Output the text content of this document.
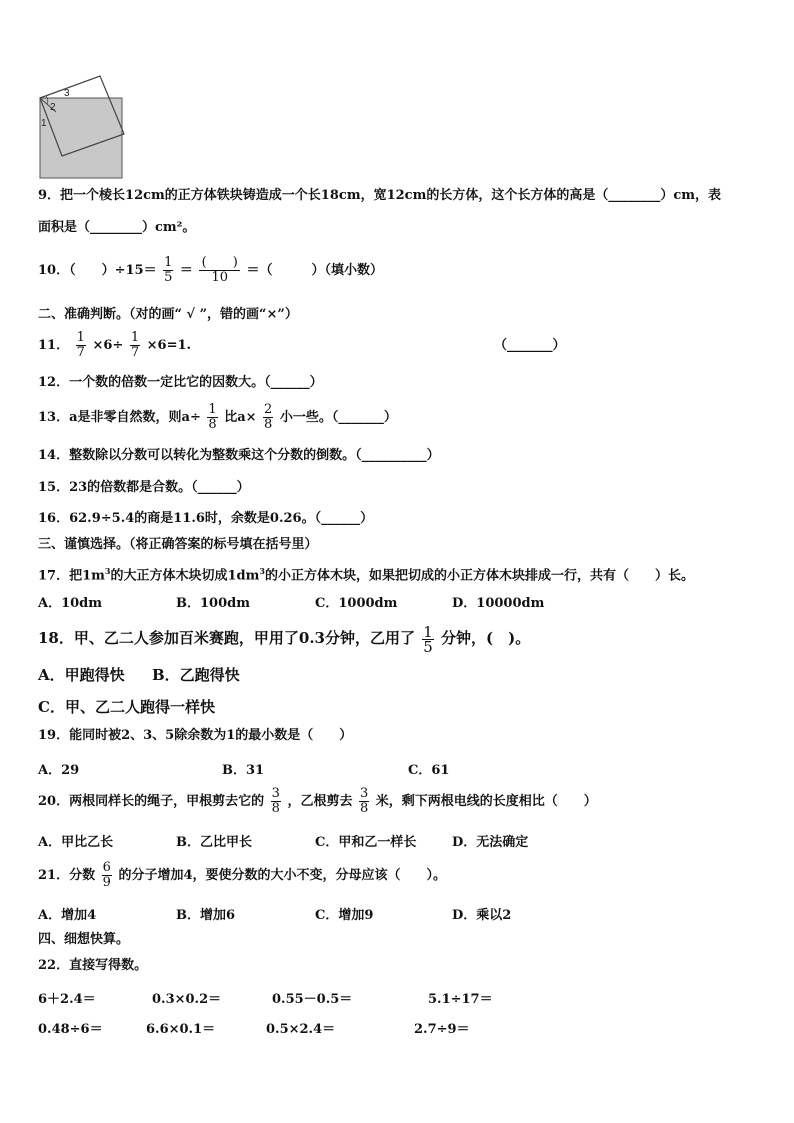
3
2
1
9．把一个棱长12cm的正方体铁块铸造成一个长18cm，宽12cm的长方体，这个长方体的高是（________）cm，表
面积是（________）cm²。
10．（　　）$\div 15= \frac{1}{5} = \frac{( )}{10}$ ＝（　　　）（填小数）
二、准确判断。（对的画“ √ ”，错的画“×”）
11． $\frac{1}{7} \times 6\div \frac{1}{7} \times 6=1$.	（_______）
12．一个数的倍数一定比它的因数大。（______）
13．a是非零自然数，则$a\div \frac{1}{8}$ 比$a\times \frac{2}{8}$ 小一些。（_______）
14．整数除以分数可以转化为整数乘这个分数的倒数。（__________）
15．23的倍数都是合数。（______）
16．62.9÷5.4的商是11.6时，余数是0.26。（______）
三、谨慎选择。（将正确答案的标号填在括号里）
17．把$1m^3$的大正方体木块切成$1dm^3$的小正方体木块，如果把切成的小正方体木块排成一行，共有（　　）长。
A．10dm	B．100dm	C．1000dm	D．10000dm
18．甲、乙二人参加百米赛跑，甲用了0.3分钟，乙用了 $\frac{1}{5}$ 分钟，(　)。
A．甲跑得快 B．乙跑得快
C．甲、乙二人跑得一样快
19．能同时被2、3、5除余数为1的最小数是（　　）
A．29	B．31	C．61
20．两根同样长的绳子，甲根剪去它的 $\frac{3}{8}$ ，乙根剪去 $\frac{3}{8}$ 米，剩下两根电线的长度相比（　　）
A．甲比乙长	B．乙比甲长	C．甲和乙一样长	D．无法确定
21．分数 $\frac{6}{9}$ 的分子增加4，要使分数的大小不变，分母应该（　　）。
A．增加4	B．增加6	C．增加9	D．乘以2
四、细想快算。
22．直接写得数。
6＋2.4＝	0.3×0.2＝	0.55－0.5＝	5.1÷17＝
0.48÷6＝	6.6×0.1＝	0.5×2.4＝	2.7÷9＝
